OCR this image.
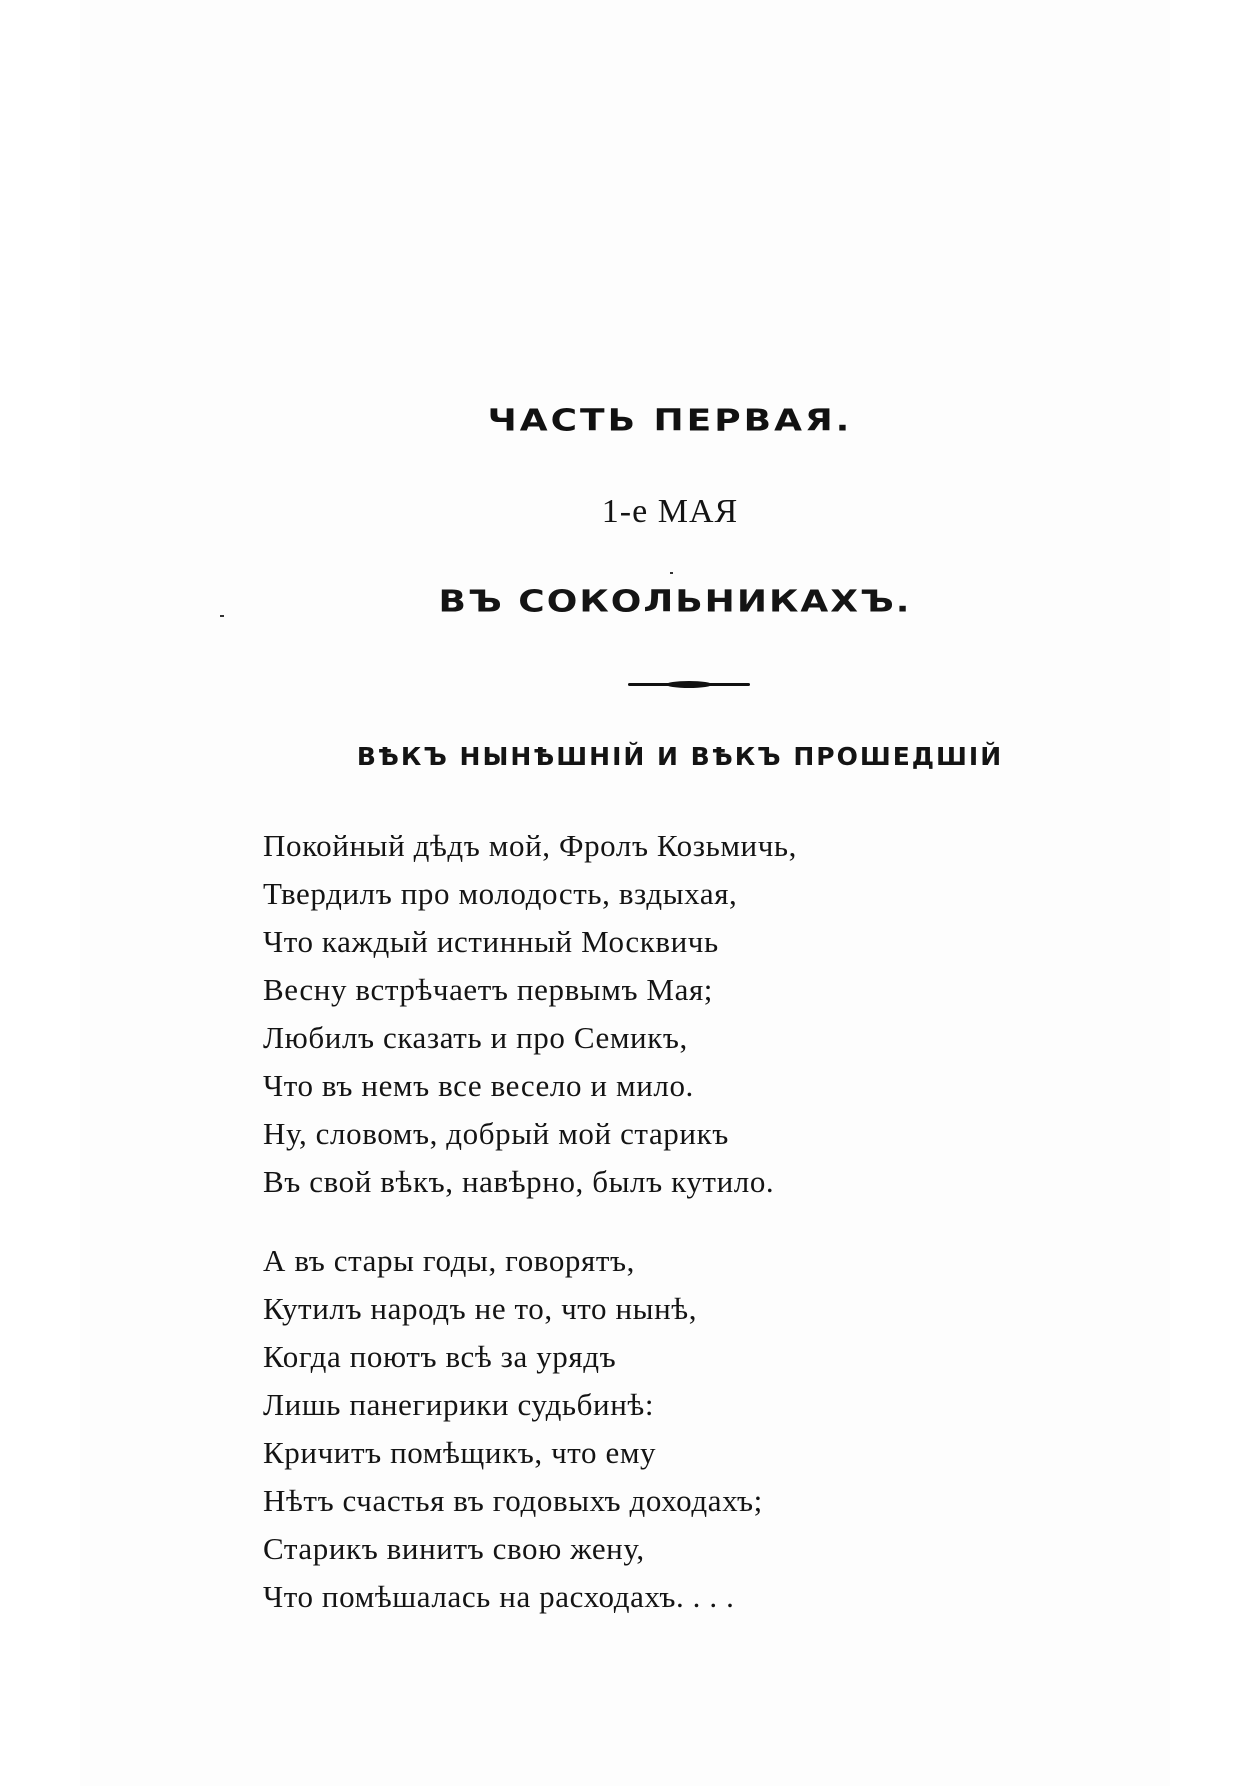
ЧАСТЬ ПЕРВАЯ.
1-е МАЯ
ВЪ СОКОЛЬНИКАХЪ.
ВѢКЪ НЫНѢШНІЙ И ВѢКЪ ПРОШЕДШІЙ
Покойный дѣдъ мой, Фролъ Козьмичь,
Твердилъ про молодость, вздыхая,
Что каждый истинный Москвичь
Весну встрѣчаетъ первымъ Мая;
Любилъ сказать и про Семикъ,
Что въ немъ все весело и мило.
Ну, словомъ, добрый мой старикъ
Въ свой вѣкъ, навѣрно, былъ кутило.
А въ стары годы, говорятъ,
Кутилъ народъ не то, что нынѣ,
Когда поютъ всѣ за урядъ
Лишь панегирики судьбинѣ:
Кричитъ помѣщикъ, что ему
Нѣтъ счастья въ годовыхъ доходахъ;
Старикъ винитъ свою жену,
Что помѣшалась на расходахъ. . . .
